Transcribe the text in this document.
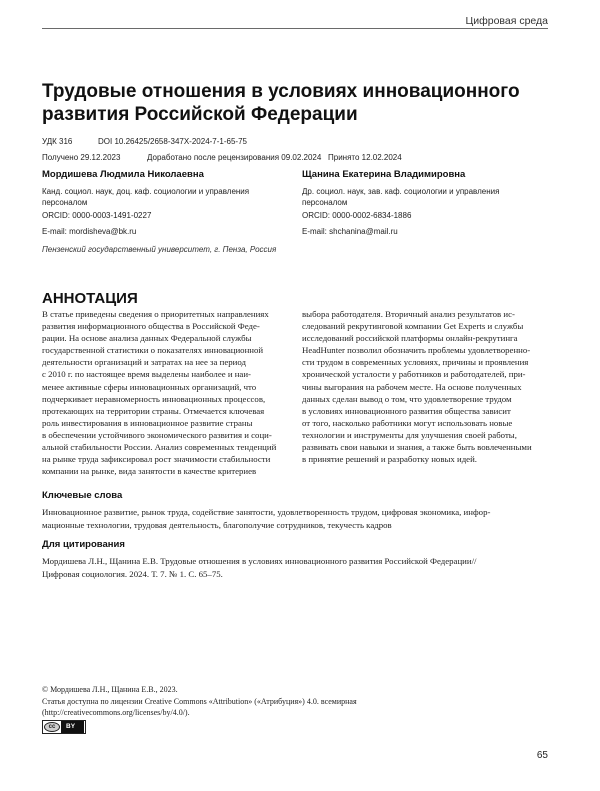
Цифровая среда
Трудовые отношения в условиях инновационного
развития Российской Федерации
УДК 316	DOI 10.26425/2658-347X-2024-7-1-65-75
Получено 29.12.2023	Доработано после рецензирования 09.02.2024 Принято 12.02.2024
Мордишева Людмила Николаевна
Канд. социол. наук, доц. каф. социологии и управления
персоналом
ORCID: 0000-0003-1491-0227
E-mail: mordisheva@bk.ru
Щанина Екатерина Владимировна
Др. социол. наук, зав. каф. социологии и управления
персоналом
ORCID: 0000-0002-6834-1886
E-mail: shchanina@mail.ru
Пензенский государственный университет, г. Пенза, Россия
АННОТАЦИЯ
В статье приведены сведения о приоритетных направлениях
развития информационного общества в Российской Феде-
рации. На основе анализа данных Федеральной службы
государственной статистики о показателях инновационной
деятельности организаций и затратах на нее за период
с 2010 г. по настоящее время выделены наиболее и наи-
менее активные сферы инновационных организаций, что
подчеркивает неравномерность инновационных процессов,
протекающих на территории страны. Отмечается ключевая
роль инвестирования в инновационное развитие страны
в обеспечении устойчивого экономического развития и соци-
альной стабильности России. Анализ современных тенденций
на рынке труда зафиксировал рост значимости стабильности
компании на рынке, вида занятости в качестве критериев
выбора работодателя. Вторичный анализ результатов ис-
следований рекрутинговой компании Get Experts и службы
исследований российской платформы онлайн-рекрутинга
HeadHunter позволил обозначить проблемы удовлетворенно-
сти трудом в современных условиях, причины и проявления
хронической усталости у работников и работодателей, при-
чины выгорания на рабочем месте. На основе полученных
данных сделан вывод о том, что удовлетворение трудом
в условиях инновационного развития общества зависит
от того, насколько работники могут использовать новые
технологии и инструменты для улучшения своей работы,
развивать свои навыки и знания, а также быть вовлеченными
в принятие решений и разработку новых идей.
Ключевые слова
Инновационное развитие, рынок труда, содействие занятости, удовлетворенность трудом, цифровая экономика, инфор-
мационные технологии, трудовая деятельность, благополучие сотрудников, текучесть кадров
Для цитирования
Мордишева Л.Н., Щанина Е.В. Трудовые отношения в условиях инновационного развития Российской Федерации//
Цифровая социология. 2024. Т. 7. № 1. С. 65–75.
© Мордишева Л.Н., Щанина Е.В., 2023.
Статья доступна по лицензии Creative Commons «Attribution» («Атрибуция») 4.0. всемирная
(http://creativecommons.org/licenses/by/4.0/).
cc	BY
65
